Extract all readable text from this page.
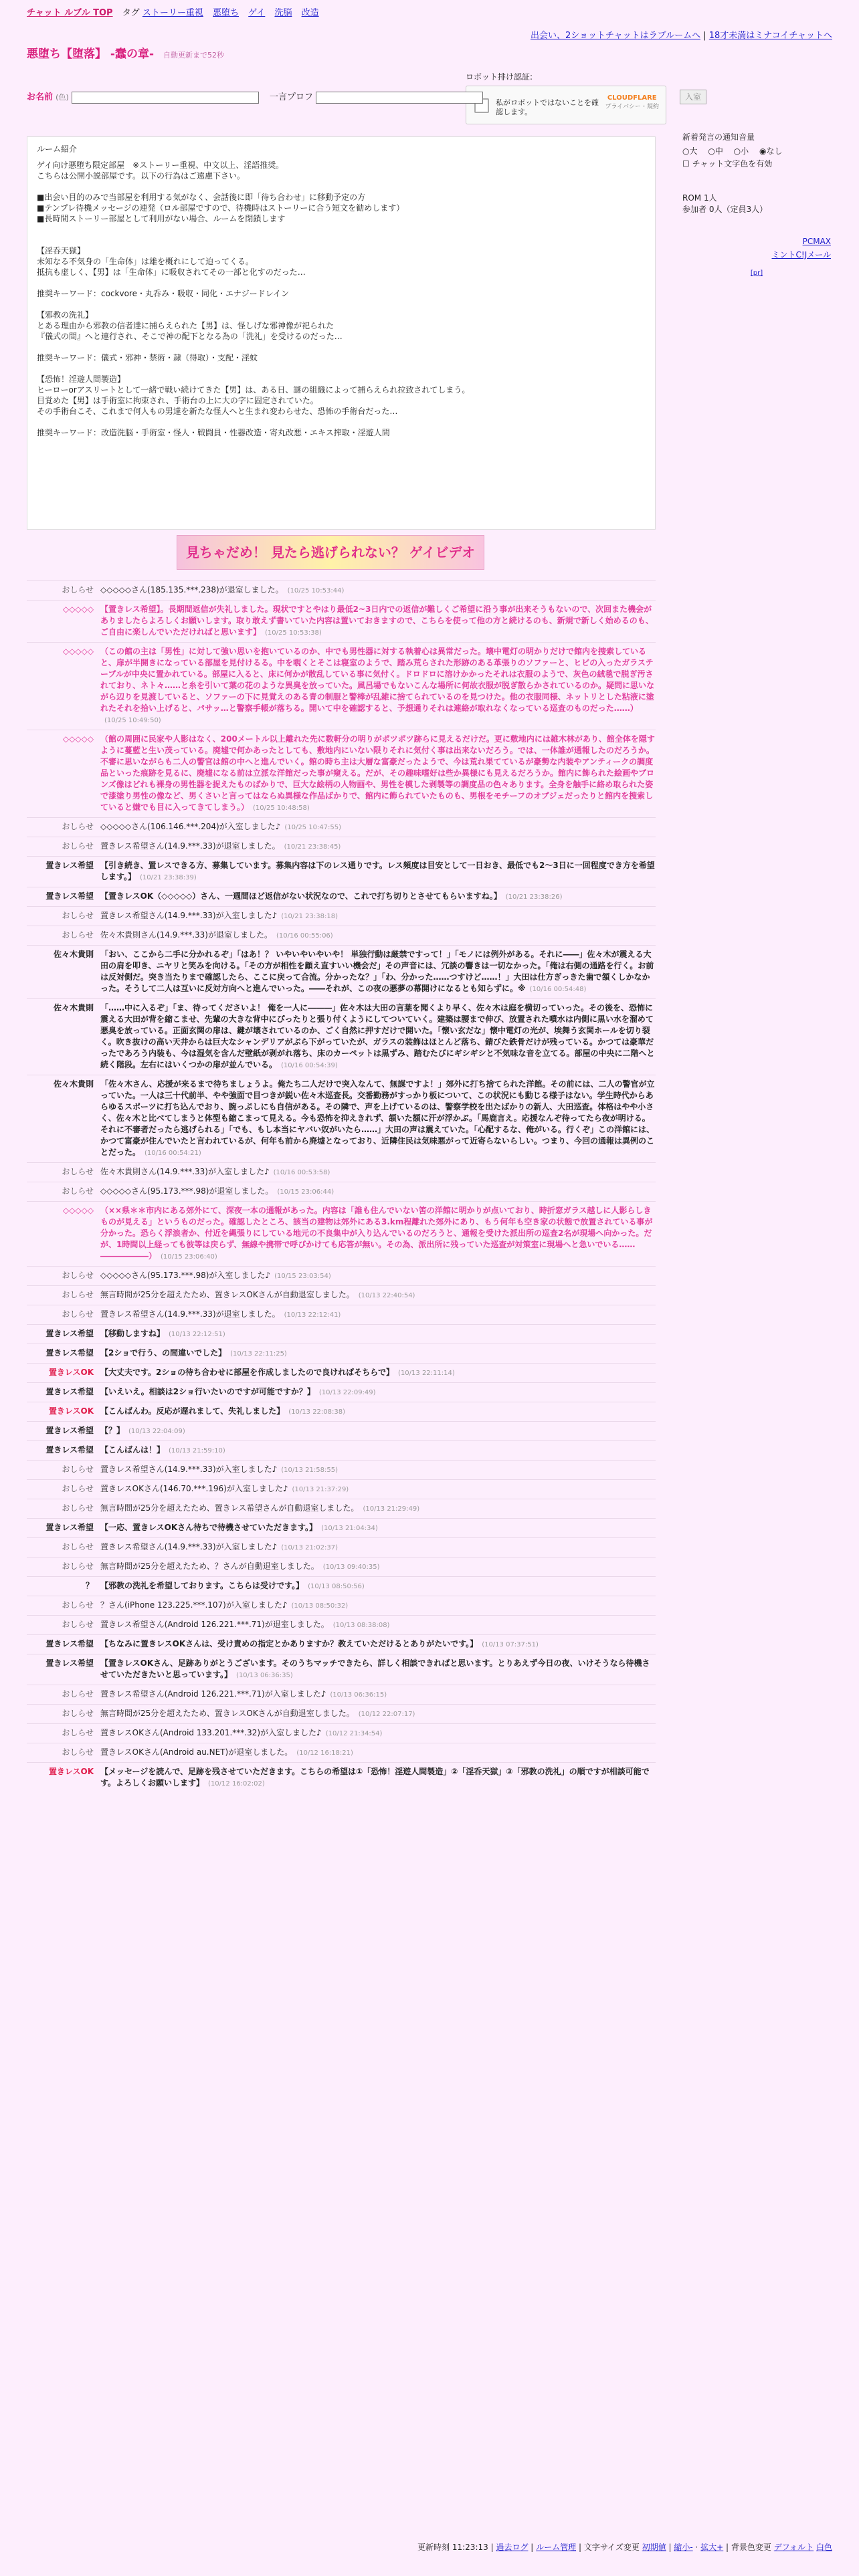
チャット ルブル TOP タグ ストーリー重視 悪堕ち ゲイ 洗脳 改造
出会い、2ショットチャットはラブルームへ | 18才未満はミナコイチャットへ
悪堕ち【堕落】 -蠢の章- 自動更新まで52秒
ロボット排け認証:
私がロボットではないことを確認します。
CLOUDFLARE
プライバシー・規約
お名前 (色)	一言プロフ	入室
ルーム紹介

ゲイ向け悪堕ち限定部屋　※ストーリー重視、中文以上、淫語推奨。
こちらは公開小説部屋です。以下の行為はご遠慮下さい。

■出会い目的のみで当部屋を利用する気がなく、会話後に即「待ち合わせ」に移動予定の方
■テンプレ待機メッセージの連発（ロル部屋ですので、待機時はストーリーに合う短文を勧めします）
■長時間ストーリー部屋として利用がない場合、ルームを閉鎖します

【淫呑天獄】
未知なる不気身の「生命体」は雄を概れにして迫ってくる。
抵抗も虚しく、【男】は「生命体」に吸収されてその一部と化すのだった…

推奨キーワード：cockvore・丸呑み・吸収・同化・エナジードレイン

【邪教の洗礼】
とある理由から邪教の信者達に捕らえられた【男】は、怪しげな邪神像が祀られた
『儀式の間』へと連行され、そこで神の配下となる為の「洗礼」を受けるのだった…

推奨キーワード：儀式・邪神・禁術・隷（得取）・支配・淫蚊

【恐怖！淫遊人間製造】
ヒーローorアスリートとして一緒で戦い続けてきた【男】は、ある日、謎の組織によって捕らえられ拉致されてしまう。
目覚めた【男】は手術室に拘束され、手術台の上に大の字に固定されていた。
その手術台こそ、これまで何人もの男達を新たな怪人へと生まれ変わらせた、恐怖の手術台だった…

推奨キーワード：改造洗脳・手術室・怪人・戦闘員・性器改造・寄丸改悪・エキス搾取・淫遊人間

新着発言の通知音量
○大 ○中 ○小 ◉なし
☐ チャット文字色を有効
ROM 1人
参加者 0人（定員3人）
PCMAX
ミントC!Jメール
[pr]
見ちゃだめ！ 見たら逃げられない？ ゲイビデオ
おしらせ ◇◇◇◇◇さん(185.135.***.238)が退室しました。 (10/25 10:53:44)
◇◇◇◇◇ 【置きレス希望】。長期間返信が失礼しました。現状ですとやはり最低2~3日内での返信が難しくご希望に沿う事が出来そうもないので、次回また機会がありましたらよろしくお願いします。取り敢えず書いていた内容は置いておきますので、こちらを使って他の方と続けるのも、新規で新しく始めるのも、ご自由に楽しんでいただければと思います】 (10/25 10:53:38)
◇◇◇◇◇ （この館の主は「男性」に対して強い思いを抱いているのか、中でも男性器に対する執着心は異常だった。壊中電灯の明かりだけで館内を捜索していると、扉が半開きになっている部屋を見付けるる。中を覗くとそこは寝室のようで、踏み荒らされた形跡のある革張りのソファーと、ヒビの入ったガラステーブルが中央に置かれている。部屋に入ると、床に何かが散乱している事に気付く。ドロドロに溶けかかったそれは衣服のようで、灰色の絨毯で脱ぎ汚されており、ネト々……と糸を引いて葉の花のような異臭を放っていた。風呂場でもないこんな場所に何故衣服が脱ぎ散らかされているのか。疑問に思いながら辺りを見渡していると、ソファーの下に見覚えのある青の制服と警棒が乱雑に捨てられているのを見つけた。他の衣服同様、ネットリとした粘液に塗れたそれを拾い上げると、パサッ…と警察手帳が落ちる。開いて中を確認すると、予想通りそれは連絡が取れなくなっている巡査のものだった……）(10/25 10:49:50)
◇◇◇◇◇ （館の周囲に民家や人影はなく、200メートル以上離れた先に数軒分の明りがポツポツ跡らに見えるだけだ。更に敷地内には雑木林があり、館全体を隠すように蔓藍と生い茂っている。廃墟で何かあったとしても、敷地内にいない限りそれに気付く事は出来ないだろう。では、一体誰が通報したのだろうか。不審に思いながらも二人の警官は館の中へと進んでいく。館の時ち主は大層な富豪だったようで、今は荒れ果てているが豪勢な内装やアンティークの調度品といった痕跡を見るに、廃墟になる前は立派な洋館だった事が窺える。だが、その趣味嗜好は些か異様にも見えるだろうか。館内に飾られた絵画やブロンズ像はどれも裸身の男性器を捉えたものばかりで、巨大な絵柄の人物画や、男性を模した剥製等の調度品の色々あります。全身を触手に絡め取られた姿で漆塗り男性の像など、男くさいと言ってはならぬ異様な作品ばかりで、館内に飾られていたものも、男根をモチーフのオブジェだったりと館内を捜索していると嫌でも目に入ってきてしまう。） (10/25 10:48:58)
おしらせ ◇◇◇◇◇さん(106.146.***.204)が入室しました♪ (10/25 10:47:55)
おしらせ 置きレス希望さん(14.9.***.33)が退室しました。 (10/21 23:38:45)
置きレス希望 【引き続き、置レスできる方、募集しています。募集内容は下のレス通りです。レス頻度は目安として一日おき、最低でも2～3日に一回程度でき方を希望します。】 (10/21 23:38:39)
置きレス希望 【置きレスOK（◇◇◇◇◇）さん、一週間ほど返信がない状況なので、これで打ち切りとさせてもらいますね。】 (10/21 23:38:26)
おしらせ 置きレス希望さん(14.9.***.33)が入室しました♪ (10/21 23:38:18)
おしらせ 佐々木貴則さん(14.9.***.33)が退室しました。 (10/16 00:55:06)
佐々木貴則 「おい、ここから二手に分かれるぞ」「はあ！？ いやいやいやいや！ 単独行動は厳禁ですって！」「モノには例外がある。それに――」佐々木が震える大田の肩を叩き、ニヤリと笑みを向ける。「その方が相性を顧え直すいい機会だ」その声音には、冗談の響きは一切なかった。「俺は右側の通路を行く。お前は反対側だ。突き当たりまで確認したら、ここに戻って合流。分かったな？」「わ、分かった……つすけど……！」大田は仕方ぎっきた歯で頷くしかなかった。そうして二人は互いに反対方向へと進んでいった。――それが、この夜の悪夢の幕開けになるとも知らずに。※ (10/16 00:54:48)
佐々木貴則 「……中に入るぞ」「ま、待ってくださいよ！ 俺を一人に―――」佐々木は大田の言葉を聞くより早く、佐々木は庭を横切っていった。その後を、恐怖に震える大田が背を縮こませ、先輩の大きな背中にぴったりと張り付くようにしてついていく。建築は腰まで伸び、放置された噴水は内側に黒い水を溜めて悪臭を放っている。正面玄関の扉は、鍵が壊されているのか、ごく自然に押すだけで開いた。「懐い玄だな」懐中電灯の光が、埃舞う玄関ホールを切り裂く。吹き抜けの高い天井からは巨大なシャンデリアがぶら下がっていたが、ガラスの装飾はほとんど落ち、錆びた鉄骨だけが残っている。かつては豪華だったであろう内装も、今は湿気を含んだ壁紙が剥がれ落ち、床のカーペットは黒ずみ、踏むたびにギシギシと不気味な音を立てる。部屋の中央に二階へと続く階段。左右にはいくつかの扉が並んでいる。 (10/16 00:54:39)
佐々木貴則 「佐々木さん、応援が来るまで待ちましょうよ。俺たち二人だけで突入なんて、無謀ですよ！」郊外に打ち捨てられた洋館。その前には、二人の警官が立っていた。一人は三十代前半、やや強面で目つきが鋭い佐々木巡査長。交番勤務がすっかり板について、この状況にも動じる様子はない。学生時代からあらゆるスポーツに打ち込んでおり、腕っぷしにも自信がある。その隣で、声を上げているのは、警察学校を出たばかりの新人、大田巡査。体格はやや小さく、佐々木と比べてしまうと体型も縮こまって見える。今も恐怖を抑えきれず、頷いた額に汗が浮かぶ。「馬鹿言え。応援なんぞ待ってたら夜が明ける。それに不審者だったら逃げられる」「でも、もし本当にヤバい奴がいたら……」大田の声は震えていた。「心配するな、俺がいる。行くぞ」この洋館には、かつて富豪が住んでいたと言われているが、何年も前から廃墟となっており、近隣住民は気味悪がって近寄らないらしい。つまり、今回の通報は異例のことだった。 (10/16 00:54:21)
おしらせ 佐々木貴則さん(14.9.***.33)が入室しました♪ (10/16 00:53:58)
おしらせ ◇◇◇◇◇さん(95.173.***.98)が退室しました。 (10/15 23:06:44)
◇◇◇◇◇ （××県＊＊市内にある郊外にて、深夜一本の通報があった。内容は「誰も住んでいない筈の洋館に明かりが点いており、時折窓ガラス越しに人影らしきものが見える」というものだった。確認したところ、該当の建物は郊外にある3.km程離れた郊外にあり、もう何年も空き家の状態で放置されている事が分かった。恐らく浮浪者か、付近を縄張りにしている地元の不良集中が入り込んでいるのだろうと、通報を受けた派出所の巡査2名が現場へ向かった。だが、1時間以上経っても彼等は戻らず、無線や携帯で呼びかけても応答が無い。その為、派出所に残っていた巡査が対策室に現場へと急いでいる……――――――） (10/15 23:06:40)
おしらせ ◇◇◇◇◇さん(95.173.***.98)が入室しました♪ (10/15 23:03:54)
おしらせ 無言時間が25分を超えたため、置きレスOKさんが自動退室しました。 (10/13 22:40:54)
おしらせ 置きレス希望さん(14.9.***.33)が退室しました。 (10/13 22:12:41)
置きレス希望 【移動しますね】 (10/13 22:12:51)
置きレス希望 【2ショで行う、の間違いでした】 (10/13 22:11:25)
置きレスOK 【大丈夫です。2ショの待ち合わせに部屋を作成しましたので良ければそちらで】 (10/13 22:11:14)
置きレス希望 【いえいえ。相談は2ショ行いたいのですが可能ですか？】 (10/13 22:09:49)
置きレスOK 【こんばんわ。反応が遅れまして、失礼しました】 (10/13 22:08:38)
置きレス希望 【？】 (10/13 22:04:09)
置きレス希望 【こんばんは！】 (10/13 21:59:10)
おしらせ 置きレス希望さん(14.9.***.33)が入室しました♪ (10/13 21:58:55)
おしらせ 置きレスOKさん(146.70.***.196)が入室しました♪ (10/13 21:37:29)
おしらせ 無言時間が25分を超えたため、置きレス希望さんが自動退室しました。 (10/13 21:29:49)
置きレス希望 【一応、置きレスOKさん待ちで待機させていただきます。】 (10/13 21:04:34)
おしらせ 置きレス希望さん(14.9.***.33)が入室しました♪ (10/13 21:02:37)
おしらせ 無言時間が25分を超えたため、？さんが自動退室しました。 (10/13 09:40:35)
？ 【邪教の洗礼を希望しております。こちらは受けです。】 (10/13 08:50:56)
おしらせ ？さん(iPhone 123.225.***.107)が入室しました♪ (10/13 08:50:32)
おしらせ 置きレス希望さん(Android 126.221.***.71)が退室しました。 (10/13 08:38:08)
置きレス希望 【ちなみに置きレスOKさんは、受け責めの指定とかありますか？教えていただけるとありがたいです。】 (10/13 07:37:51)
置きレス希望 【置きレスOKさん、足跡ありがとうございます。そのうちマッチできたら、詳しく相談できればと思います。とりあえず今日の夜、いけそうなら待機させていただきたいと思っています。】 (10/13 06:36:35)
おしらせ 置きレス希望さん(Android 126.221.***.71)が入室しました♪ (10/13 06:36:15)
おしらせ 無言時間が25分を超えたため、置きレスOKさんが自動退室しました。 (10/12 22:07:17)
おしらせ 置きレスOKさん(Android 133.201.***.32)が入室しました♪ (10/12 21:34:54)
おしらせ 置きレスOKさん(Android au.NET)が退室しました。 (10/12 16:18:21)
置きレスOK 【メッセージを読んで、足跡を残させていただきます。こちらの希望は①「恐怖！淫遊人間製造」②「淫呑天獄」③「邪教の洗礼」の順ですが相談可能です。よろしくお願いします】 (10/12 16:02:02)
更新時刻 11:23:13 | 過去ログ | ルーム管理 | 文字サイズ変更 初期値 | 縮小- · 拡大+ | 背景色変更 デフォルト 白色
